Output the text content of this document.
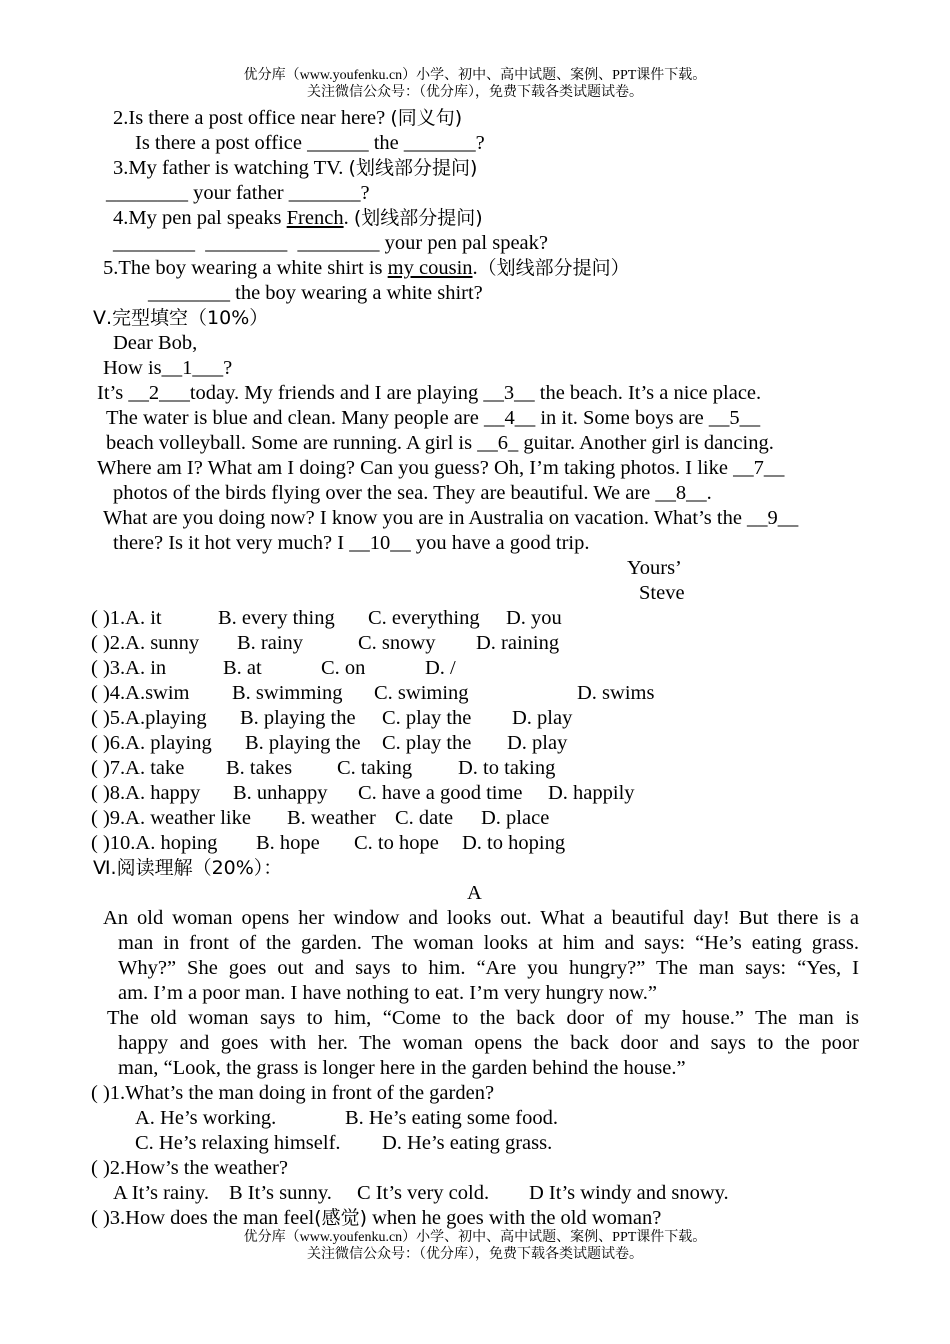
优分库（www.youfenku.cn）小学、初中、高中试题、案例、PPT课件下载。
关注微信公众号：（优分库），免费下载各类试题试卷。
2.Is there a post office near here? (同义句)
Is there a post office ______ the _______?
3.My father is watching TV. (划线部分提问)
________ your father _______?
4.My pen pal speaks French. (划线部分提问)
________  ________  ________ your pen pal speak?
5.The boy wearing a white shirt is my cousin.（划线部分提问）
________ the boy wearing a white shirt?
Ⅴ.完型填空（10%）
Dear Bob,
How is__1___?
It’s __2___today. My friends and I are playing __3__ the beach. It’s a nice place.
The water is blue and clean. Many people are __4__ in it. Some boys are __5__
beach volleyball. Some are running. A girl is __6_ guitar. Another girl is dancing.
Where am I? What am I doing? Can you guess? Oh, I’m taking photos. I like __7__
photos of the birds flying over the sea. They are beautiful. We are __8__.
What are you doing now? I know you are in Australia on vacation. What’s the __9__
there? Is it hot very much? I __10__ you have a good trip.
Yours’
Steve
( )1.A. it	B. every thing C. everything D. you
( )2.A. sunny B. rainy	C. snowy D. raining
( )3.A. in	B. at	C. on	D. /
( )4.A.swim B. swimming C. swiming	D. swims
( )5.A.playing B. playing the C. play the D. play
( )6.A. playing B. playing the C. play the D. play
( )7.A. take B. takes C. taking D. to taking
( )8.A. happy B. unhappy C. have a good time D. happily
( )9.A. weather like B. weather C. date D. place
( )10.A. hoping B. hope C. to hope D. to hoping
Ⅵ.阅读理解（20%）：
A
An old woman opens her window and looks out. What a beautiful day! But there is a
man in front of the garden. The woman looks at him and says: “He’s eating grass.
Why?” She goes out and says to him. “Are you hungry?” The man says: “Yes, I
am. I’m a poor man. I have nothing to eat. I’m very hungry now.”
The old woman says to him, “Come to the back door of my house.” The man is
happy and goes with her. The woman opens the back door and says to the poor
man, “Look, the grass is longer here in the garden behind the house.”
( )1.What’s the man doing in front of the garden?
A. He’s working.	B. He’s eating some food.
C. He’s relaxing himself. D. He’s eating grass.
( )2.How’s the weather?
A It’s rainy. B It’s sunny. C It’s very cold. D It’s windy and snowy.
( )3.How does the man feel(感觉) when he goes with the old woman?
优分库（www.youfenku.cn）小学、初中、高中试题、案例、PPT课件下载。
关注微信公众号：（优分库），免费下载各类试题试卷。
